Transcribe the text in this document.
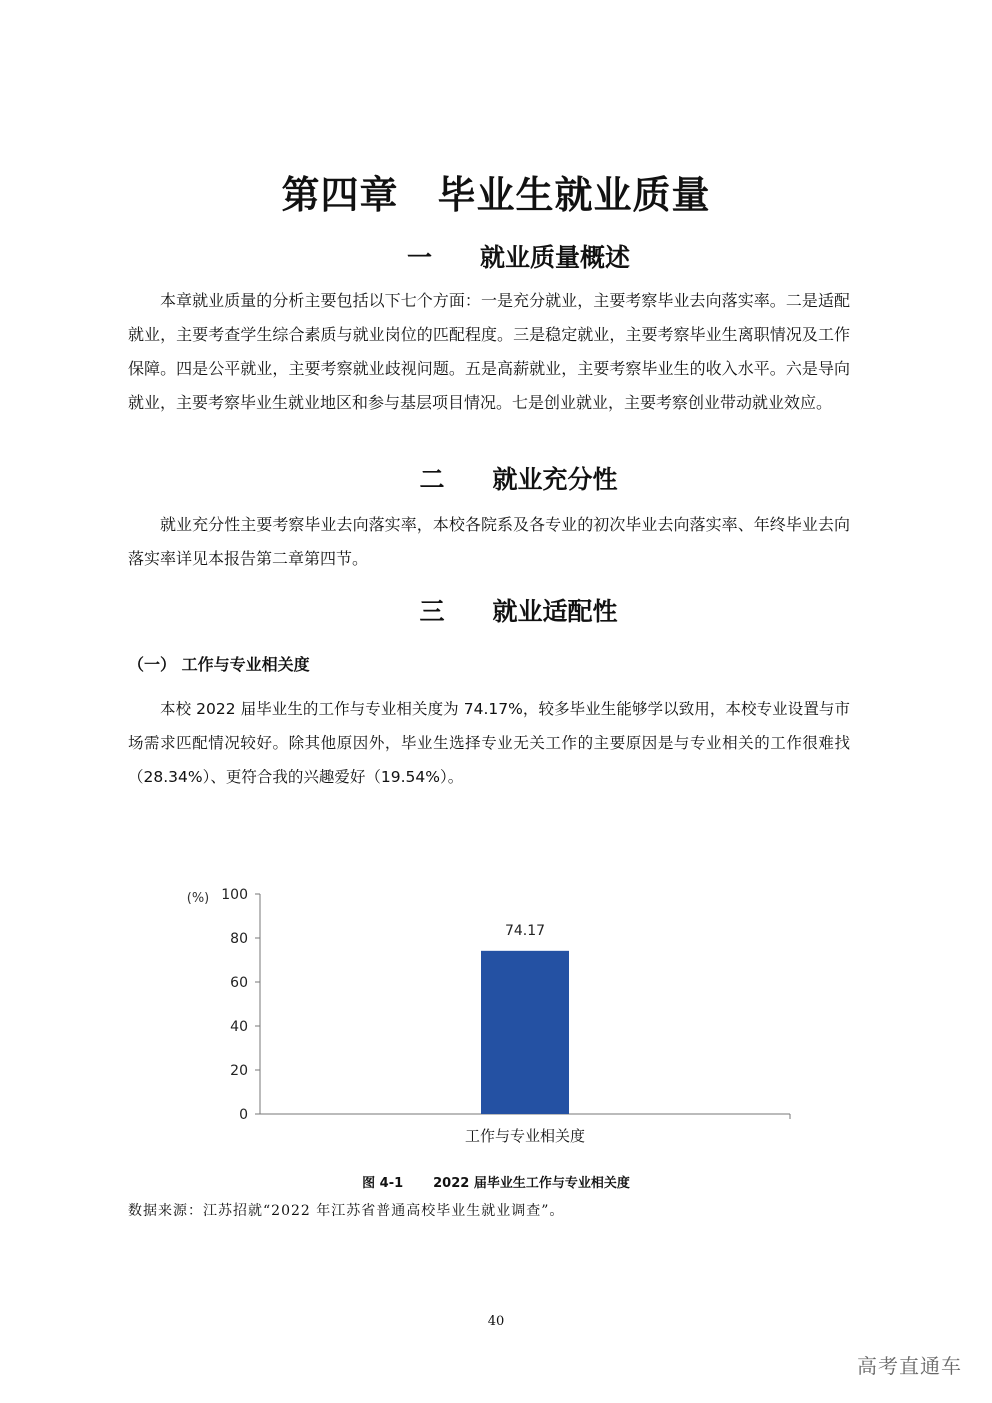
第四章　毕业生就业质量
一 就业质量概述

本章就业质量的分析主要包括以下七个方面：一是充分就业，主要考察毕业去向落实率。二是适配就业，主要考查学生综合素质与就业岗位的匹配程度。三是稳定就业，主要考察毕业生离职情况及工作保障。四是公平就业，主要考察就业歧视问题。五是高薪就业，主要考察毕业生的收入水平。六是导向就业，主要考察毕业生就业地区和参与基层项目情况。七是创业就业，主要考察创业带动就业效应。

二 就业充分性

就业充分性主要考察毕业去向落实率，本校各院系及各专业的初次毕业去向落实率、年终毕业去向落实率详见本报告第二章第四节。

三 就业适配性
（一） 工作与专业相关度

本校 2022 届毕业生的工作与专业相关度为 74.17%，较多毕业生能够学以致用，本校专业设置与市场需求匹配情况较好。除其他原因外，毕业生选择专业无关工作的主要原因是与专业相关的工作很难找（28.34%）、更符合我的兴趣爱好（19.54%）。

(%)
0
20
40
60
80
100
74.17
工作与专业相关度
图 4-1 2022 届毕业生工作与专业相关度
数据来源：江苏招就“2022 年江苏省普通高校毕业生就业调查”。
40
高考直通车
